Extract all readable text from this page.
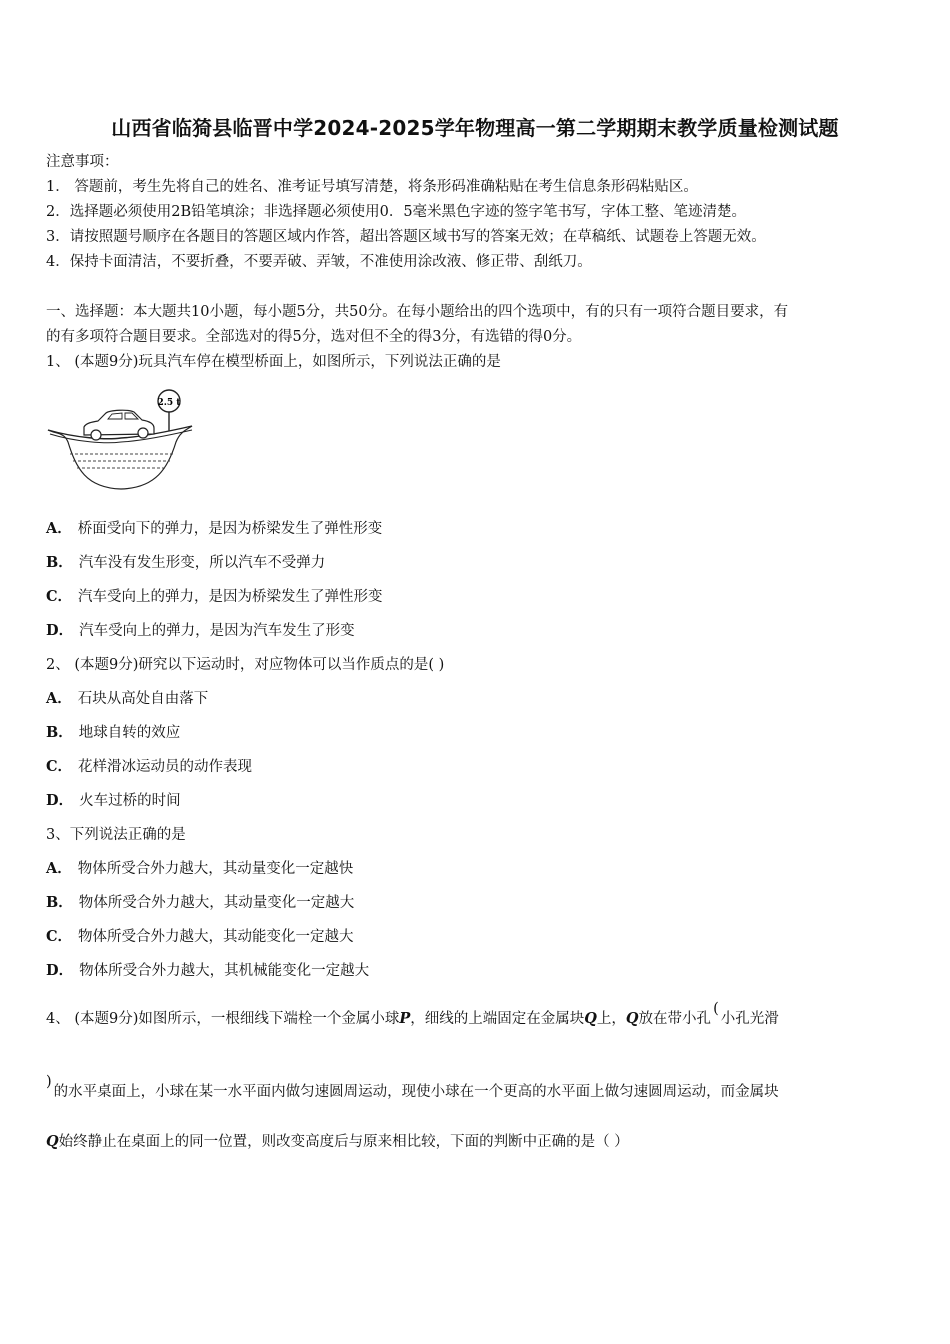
山西省临猗县临晋中学2024-2025学年物理高一第二学期期末教学质量检测试题
注意事项：
1． 答题前，考生先将自己的姓名、准考证号填写清楚，将条形码准确粘贴在考生信息条形码粘贴区。
2．选择题必须使用2B铅笔填涂；非选择题必须使用0．5毫米黑色字迹的签字笔书写，字体工整、笔迹清楚。
3．请按照题号顺序在各题目的答题区域内作答，超出答题区域书写的答案无效；在草稿纸、试题卷上答题无效。
4．保持卡面清洁，不要折叠，不要弄破、弄皱，不准使用涂改液、修正带、刮纸刀。
一、选择题：本大题共10小题，每小题5分，共50分。在每小题给出的四个选项中，有的只有一项符合题目要求，有
的有多项符合题目要求。全部选对的得5分，选对但不全的得3分，有选错的得0分。
1、 (本题9分)玩具汽车停在模型桥面上，如图所示，下列说法正确的是
2.5 t
A． 桥面受向下的弹力，是因为桥梁发生了弹性形变
B． 汽车没有发生形变，所以汽车不受弹力
C． 汽车受向上的弹力，是因为桥梁发生了弹性形变
D． 汽车受向上的弹力，是因为汽车发生了形变
2、 (本题9分)研究以下运动时，对应物体可以当作质点的是( )
A． 石块从高处自由落下
B． 地球自转的效应
C． 花样滑冰运动员的动作表现
D． 火车过桥的时间
3、下列说法正确的是
A． 物体所受合外力越大，其动量变化一定越快
B． 物体所受合外力越大，其动量变化一定越大
C． 物体所受合外力越大，其动能变化一定越大
D． 物体所受合外力越大，其机械能变化一定越大
4、 (本题9分)如图所示，一根细线下端栓一个金属小球P，细线的上端固定在金属块Q上，Q放在带小孔(小孔光滑
)的水平桌面上，小球在某一水平面内做匀速圆周运动，现使小球在一个更高的水平面上做匀速圆周运动，而金属块
Q始终静止在桌面上的同一位置，则改变高度后与原来相比较，下面的判断中正确的是（ ）
